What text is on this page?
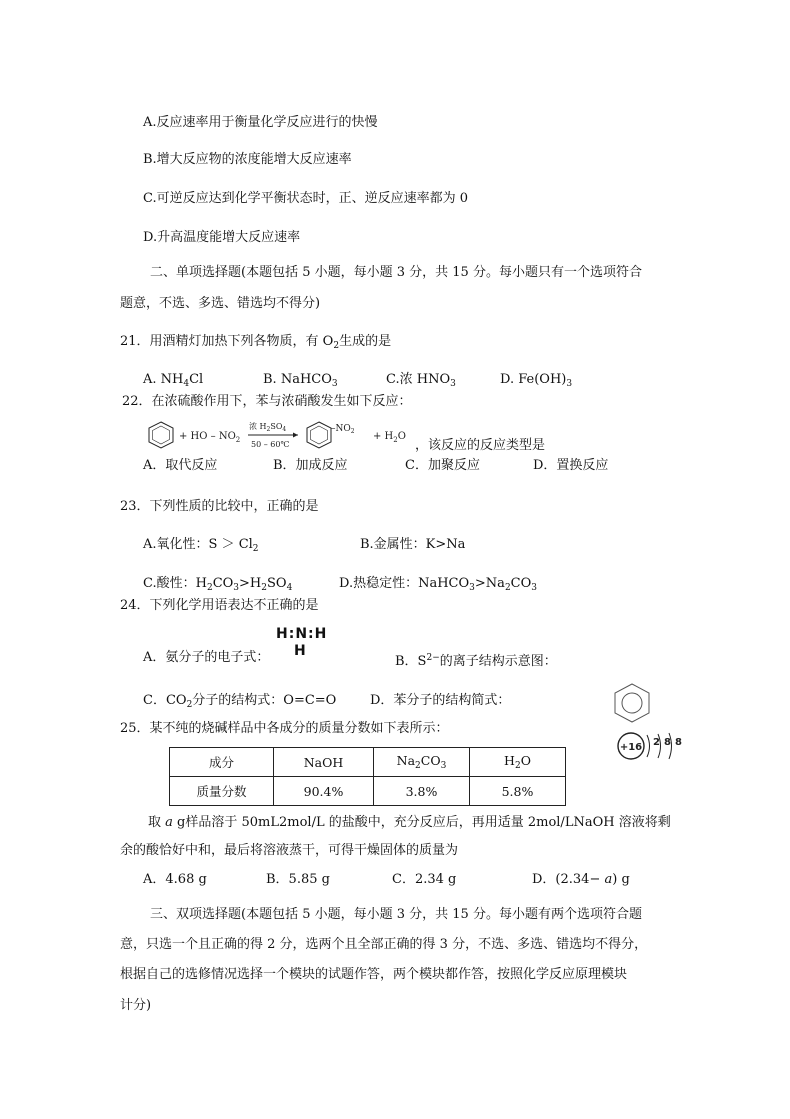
A.反应速率用于衡量化学反应进行的快慢
B.增大反应物的浓度能增大反应速率
C.可逆反应达到化学平衡状态时，正、逆反应速率都为 0
D.升高温度能增大反应速率
二、单项选择题(本题包括 5 小题，每小题 3 分，共 15 分。每小题只有一个选项符合
题意，不选、多选、错选均不得分)
21．用酒精灯加热下列各物质，有 $O_2$生成的是
A. $NH_4Cl$	B. NaHCO$_3$	C.浓 $HNO_3$	D. $Fe(OH)_3$
22．在浓硫酸作用下，苯与浓硝酸发生如下反应：
+ HO – $NO_2$
浓 $H_2SO_4$
50 – 60℃
$-NO_2 + H_2O$
，该反应的反应类型是
A．取代反应	B．加成反应	C．加聚反应	D．置换反应
23．下列性质的比较中，正确的是
A.氧化性：$S > Cl_2$	B.金属性：K>Na
C.酸性：$H_2CO_3>H_2SO_4$	D.热稳定性：$NaHCO_3>Na_2CO_3$
24．下列化学用语表达不正确的是
H:N:H
H
A．氨分子的电子式：	B．$S^{2-}$的离子结构示意图：
C．$CO_2$分子的结构式：O=C=O	D．苯分子的结构简式：
+16 2 8 8
25．某不纯的烧碱样品中各成分的质量分数如下表所示：
成分	NaOH	$Na_2CO_3$	$H_2O$
质量分数	90.4%	3.8%	5.8%
取 a g样品溶于 50mL2mol/L 的盐酸中，充分反应后，再用适量 2mol/LNaOH 溶液将剩
余的酸恰好中和，最后将溶液蒸干，可得干燥固体的质量为
A．4.68 g	B．5.85 g	C．2.34 g	D．(2.34− a) g
三、双项选择题(本题包括 5 小题，每小题 3 分，共 15 分。每小题有两个选项符合题
意，只选一个且正确的得 2 分，选两个且全部正确的得 3 分，不选、多选、错选均不得分，
根据自己的选修情况选择一个模块的试题作答，两个模块都作答，按照化学反应原理模块
计分)
